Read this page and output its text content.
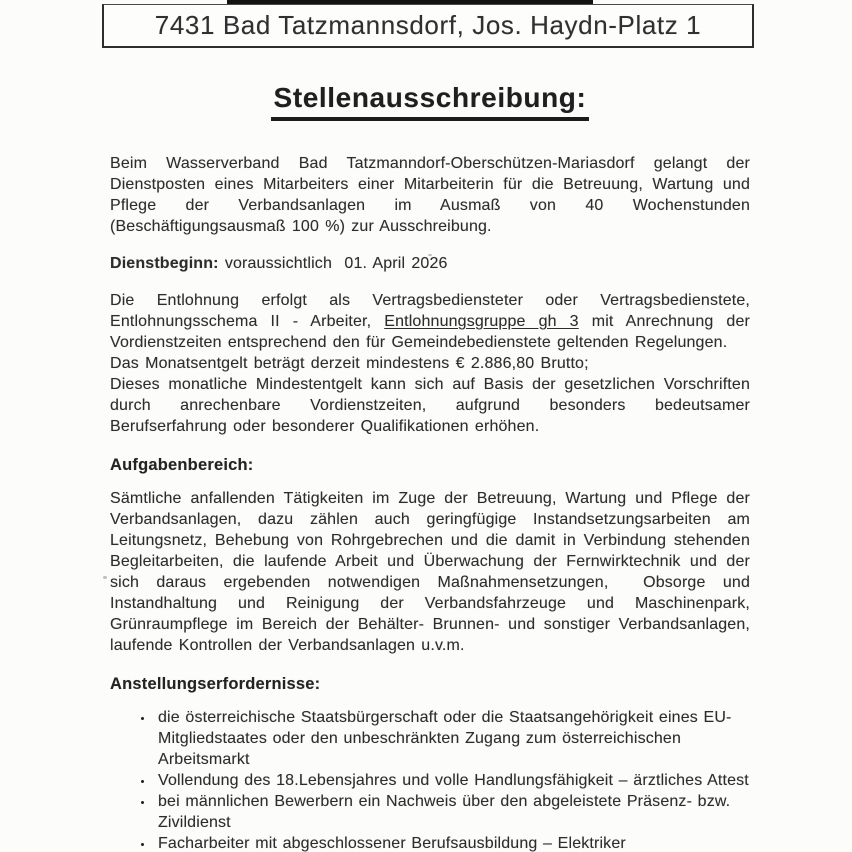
7431 Bad Tatzmannsdorf, Jos. Haydn-Platz 1
Stellenausschreibung:

Beim Wasserverband Bad Tatzmanndorf-Oberschützen-Mariasdorf gelangt der Dienstposten eines Mitarbeiters einer Mitarbeiterin für die Betreuung, Wartung und Pflege der Verbandsanlagen im Ausmaß von 40 Wochenstunden (Beschäftigungsausmaß 100 %) zur Ausschreibung.

Dienstbeginn: voraussichtlich  01. April 2026

Die Entlohnung erfolgt als Vertragsbediensteter oder Vertragsbedienstete, Entlohnungsschema II - Arbeiter, Entlohnungsgruppe gh 3 mit Anrechnung der Vordienstzeiten entsprechend den für Gemeindebedienstete geltenden Regelungen.
Das Monatsentgelt beträgt derzeit mindestens € 2.886,80 Brutto;
Dieses monatliche Mindestentgelt kann sich auf Basis der gesetzlichen Vorschriften durch anrechenbare Vordienstzeiten, aufgrund besonders bedeutsamer Berufserfahrung oder besonderer Qualifikationen erhöhen.

Aufgabenbereich:

Sämtliche anfallenden Tätigkeiten im Zuge der Betreuung, Wartung und Pflege der Verbandsanlagen, dazu zählen auch geringfügige Instandsetzungsarbeiten am Leitungsnetz, Behebung von Rohrgebrechen und die damit in Verbindung stehenden Begleitarbeiten, die laufende Arbeit und Überwachung der Fernwirktechnik und der sich daraus ergebenden notwendigen Maßnahmensetzungen,  Obsorge und Instandhaltung und Reinigung der Verbandsfahrzeuge und Maschinenpark, Grünraumpflege im Bereich der Behälter- Brunnen- und sonstiger Verbandsanlagen, laufende Kontrollen der Verbandsanlagen u.v.m.

Anstellungserfordernisse:
• die österreichische Staatsbürgerschaft oder die Staatsangehörigkeit eines EU-Mitgliedstaates oder den unbeschränkten Zugang zum österreichischen Arbeitsmarkt
• Vollendung des 18.Lebensjahres und volle Handlungsfähigkeit – ärztliches Attest
• bei männlichen Bewerbern ein Nachweis über den abgeleistete Präsenz- bzw. Zivildienst
• Facharbeiter mit abgeschlossener Berufsausbildung – Elektriker
